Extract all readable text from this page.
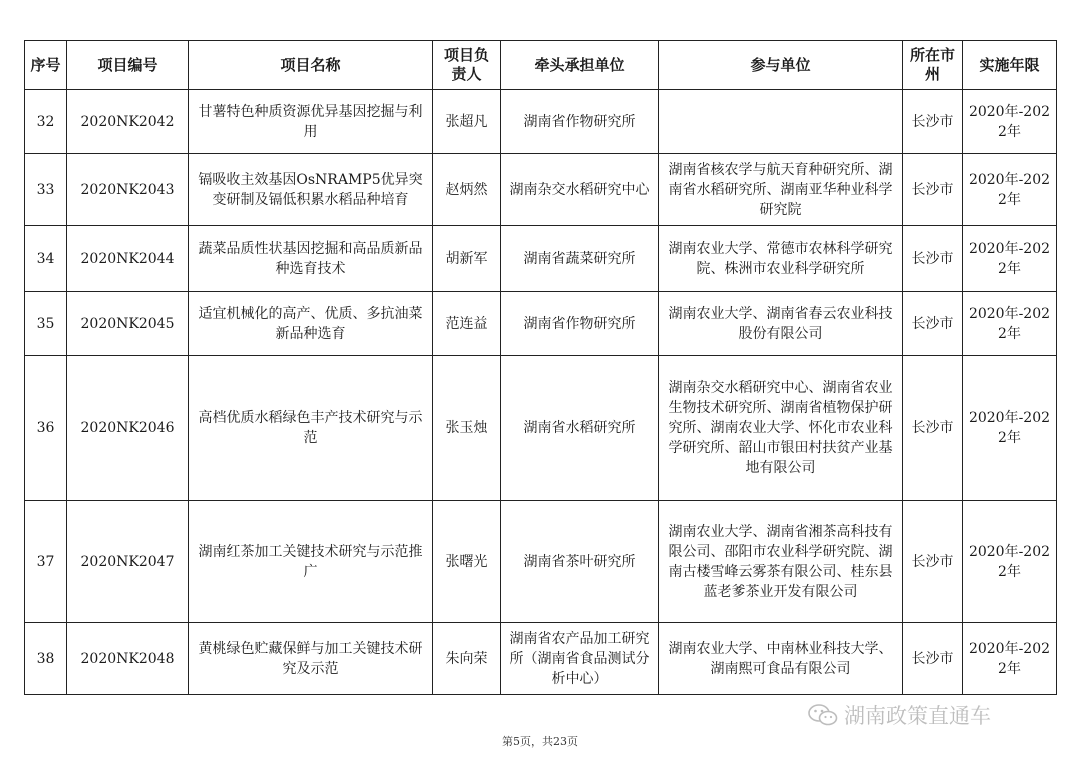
序号	项目编号	项目名称	项目负责人	牵头承担单位	参与单位	所在市州	实施年限
32	2020NK2042	甘薯特色种质资源优异基因挖掘与利用	张超凡	湖南省作物研究所		长沙市	2020年-2022年
33	2020NK2043	镉吸收主效基因OsNRAMP5优异突变研制及镉低积累水稻品种培育	赵炳然	湖南杂交水稻研究中心	湖南省核农学与航天育种研究所、湖南省水稻研究所、湖南亚华种业科学研究院	长沙市	2020年-2022年
34	2020NK2044	蔬菜品质性状基因挖掘和高品质新品种选育技术	胡新军	湖南省蔬菜研究所	湖南农业大学、常德市农林科学研究院、株洲市农业科学研究所	长沙市	2020年-2022年
35	2020NK2045	适宜机械化的高产、优质、多抗油菜新品种选育	范连益	湖南省作物研究所	湖南农业大学、湖南省春云农业科技股份有限公司	长沙市	2020年-2022年
36	2020NK2046	高档优质水稻绿色丰产技术研究与示范	张玉烛	湖南省水稻研究所	湖南杂交水稻研究中心、湖南省农业生物技术研究所、湖南省植物保护研究所、湖南农业大学、怀化市农业科学研究所、韶山市银田村扶贫产业基地有限公司	长沙市	2020年-2022年
37	2020NK2047	湖南红茶加工关键技术研究与示范推广	张曙光	湖南省茶叶研究所	湖南农业大学、湖南省湘茶高科技有限公司、邵阳市农业科学研究院、湖南古楼雪峰云雾茶有限公司、桂东县蓝老爹茶业开发有限公司	长沙市	2020年-2022年
38	2020NK2048	黄桃绿色贮藏保鲜与加工关键技术研究及示范	朱向荣	湖南省农产品加工研究所（湖南省食品测试分析中心）	湖南农业大学、中南林业科技大学、湖南熙可食品有限公司	长沙市	2020年-2022年
湖南政策直通车
第5页，共23页
